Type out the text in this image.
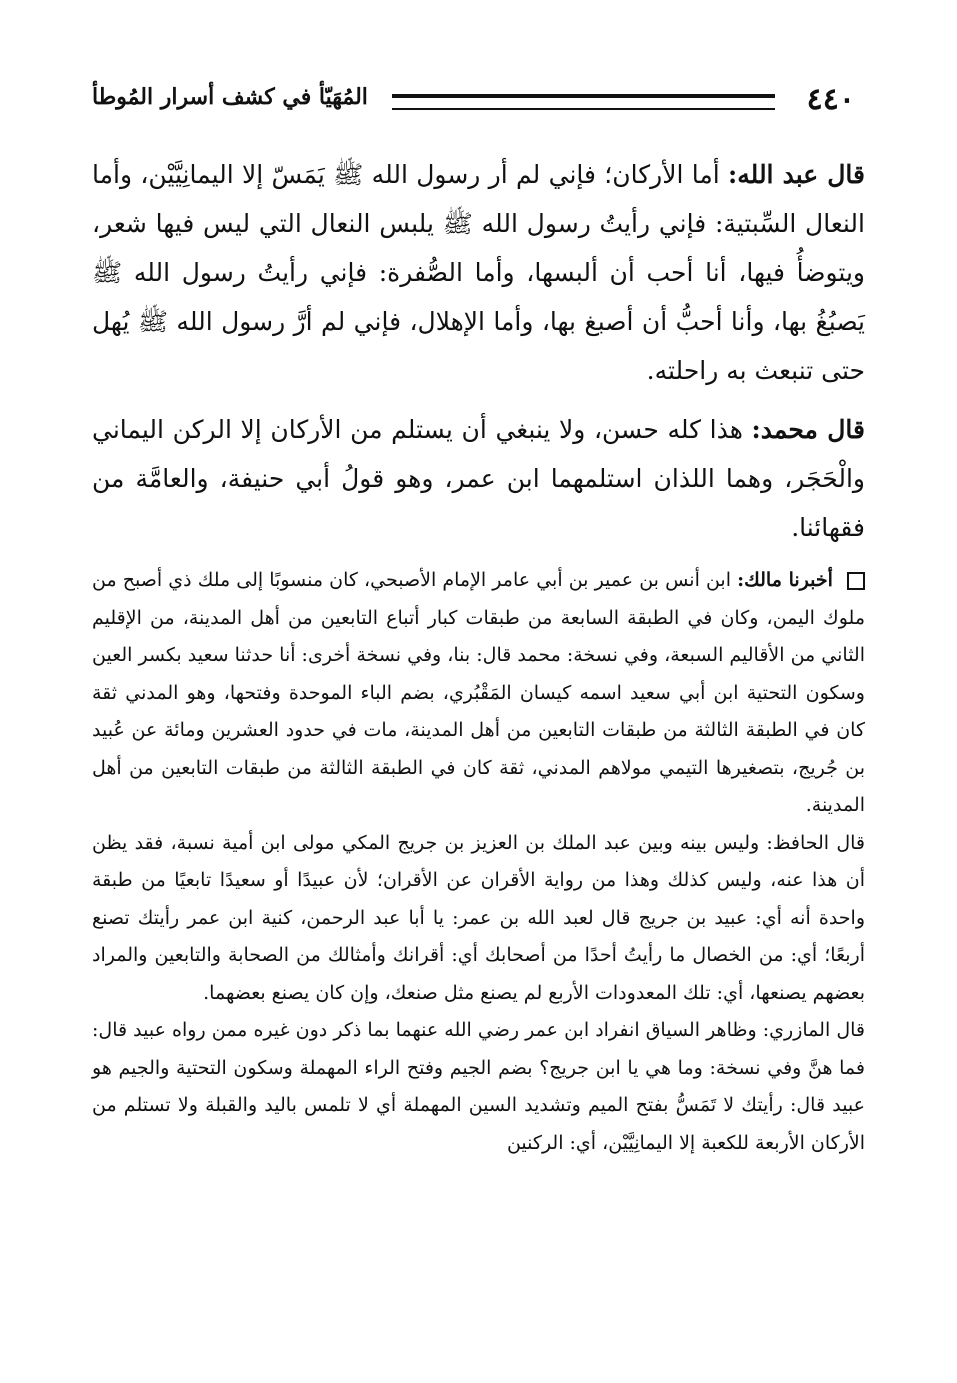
٤٤٠
المُهَيّأ في كشف أسرار المُوطأ

قال عبد الله: أما الأركان؛ فإني لم أر رسول الله ﷺ يَمَسّ إلا اليمانِيَّيْن، وأما النعال السِّبتية: فإني رأيتُ رسول الله ﷺ يلبس النعال التي ليس فيها شعر، ويتوضأُ فيها، أنا أحب أن ألبسها، وأما الصُّفرة: فإني رأيتُ رسول الله ﷺ يَصبُغُ بها، وأنا أحبُّ أن أصبغ بها، وأما الإهلال، فإني لم أرَّ رسول الله ﷺ يُهل حتى تنبعث به راحلته.

قال محمد: هذا كله حسن، ولا ينبغي أن يستلم من الأركان إلا الركن اليماني والْحَجَر، وهما اللذان استلمهما ابن عمر، وهو قولُ أبي حنيفة، والعامَّة من فقهائنا.

أخبرنا مالك: ابن أنس بن عمير بن أبي عامر الإمام الأصبحي، كان منسوبًا إلى ملك ذي أصبح من ملوك اليمن، وكان في الطبقة السابعة من طبقات كبار أتباع التابعين من أهل المدينة، من الإقليم الثاني من الأقاليم السبعة، وفي نسخة: محمد قال: بنا، وفي نسخة أخرى: أنا حدثنا سعيد بكسر العين وسكون التحتية ابن أبي سعيد اسمه كيسان المَقْبُري، بضم الباء الموحدة وفتحها، وهو المدني ثقة كان في الطبقة الثالثة من طبقات التابعين من أهل المدينة، مات في حدود العشرين ومائة عن عُبيد بن جُريج، بتصغيرها التيمي مولاهم المدني، ثقة كان في الطبقة الثالثة من طبقات التابعين من أهل المدينة.

قال الحافظ: وليس بينه وبين عبد الملك بن العزيز بن جريج المكي مولى ابن أمية نسبة، فقد يظن أن هذا عنه، وليس كذلك وهذا من رواية الأقران عن الأقران؛ لأن عبيدًا أو سعيدًا تابعيًا من طبقة واحدة أنه أي: عبيد بن جريج قال لعبد الله بن عمر: يا أبا عبد الرحمن، كنية ابن عمر رأيتك تصنع أربعًا؛ أي: من الخصال ما رأيتُ أحدًا من أصحابك أي: أقرانك وأمثالك من الصحابة والتابعين والمراد بعضهم يصنعها، أي: تلك المعدودات الأربع لم يصنع مثل صنعك، وإن كان يصنع بعضهما.

قال المازري: وظاهر السياق انفراد ابن عمر رضي الله عنهما بما ذكر دون غيره ممن رواه عبيد قال: فما هنَّ وفي نسخة: وما هي يا ابن جريج؟ بضم الجيم وفتح الراء المهملة وسكون التحتية والجيم هو عبيد قال: رأيتك لا تَمَسُّ بفتح الميم وتشديد السين المهملة أي لا تلمس باليد والقبلة ولا تستلم من الأركان الأربعة للكعبة إلا اليمانِيَّيْن، أي: الركنين
